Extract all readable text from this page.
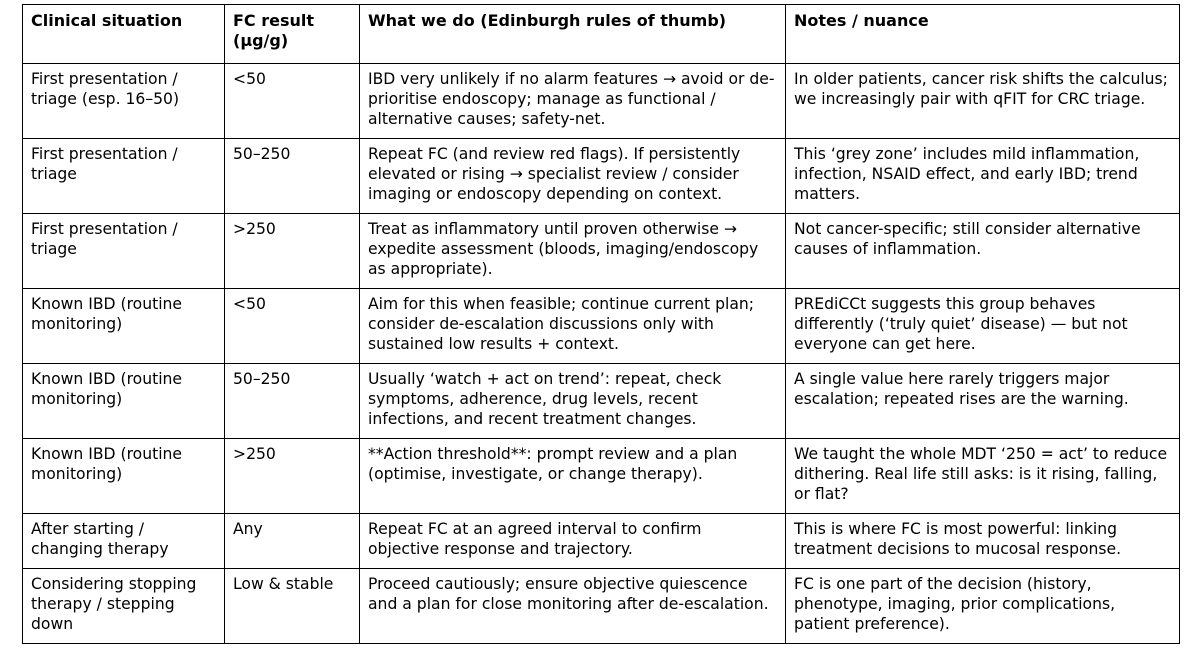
Clinical situation	FC result (µg/g)	What we do (Edinburgh rules of thumb)	Notes / nuance
First presentation / triage (esp. 16–50)	<50	IBD very unlikely if no alarm features → avoid or de-prioritise endoscopy; manage as functional / alternative causes; safety-net.	In older patients, cancer risk shifts the calculus; we increasingly pair with qFIT for CRC triage.
First presentation / triage	50–250	Repeat FC (and review red flags). If persistently elevated or rising → specialist review / consider imaging or endoscopy depending on context.	This ‘grey zone’ includes mild inflammation, infection, NSAID effect, and early IBD; trend matters.
First presentation / triage	>250	Treat as inflammatory until proven otherwise → expedite assessment (bloods, imaging/endoscopy as appropriate).	Not cancer-specific; still consider alternative causes of inflammation.
Known IBD (routine monitoring)	<50	Aim for this when feasible; continue current plan; consider de-escalation discussions only with sustained low results + context.	PREdiCCt suggests this group behaves differently (‘truly quiet’ disease) — but not everyone can get here.
Known IBD (routine monitoring)	50–250	Usually ‘watch + act on trend’: repeat, check symptoms, adherence, drug levels, recent infections, and recent treatment changes.	A single value here rarely triggers major escalation; repeated rises are the warning.
Known IBD (routine monitoring)	>250	**Action threshold**: prompt review and a plan (optimise, investigate, or change therapy).	We taught the whole MDT ‘250 = act’ to reduce dithering. Real life still asks: is it rising, falling, or flat?
After starting / changing therapy	Any	Repeat FC at an agreed interval to confirm objective response and trajectory.	This is where FC is most powerful: linking treatment decisions to mucosal response.
Considering stopping therapy / stepping down	Low & stable	Proceed cautiously; ensure objective quiescence and a plan for close monitoring after de-escalation.	FC is one part of the decision (history, phenotype, imaging, prior complications, patient preference).
